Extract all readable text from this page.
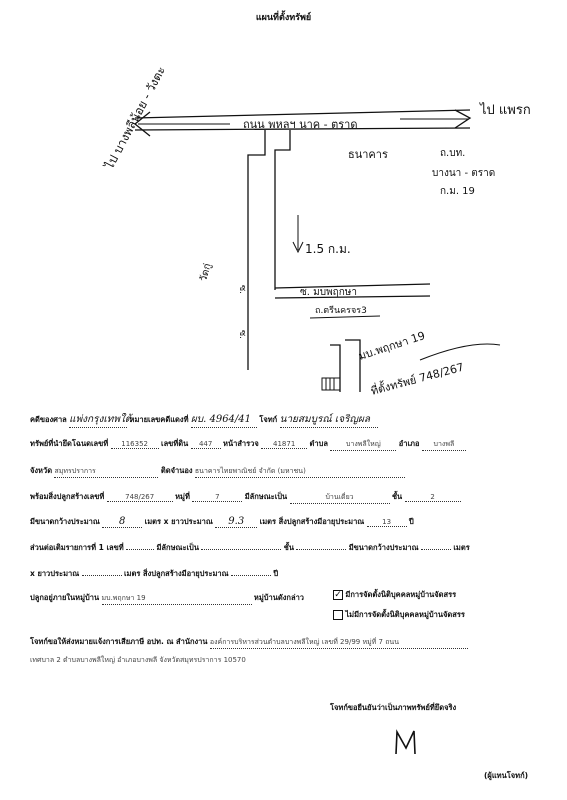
แผนที่ตั้งทรัพย์
ไป บางพลีน้อย - วังตะ	ถนน พหลฯ นาค - ตราด
ไป แพรก
ธนาคาร	ถ.บท.
บางนา - ตราด
ก.ม. 19
1.5 ก.ม.
วัดกู่
ซ.
ซ.
ซ. มบพฤกษา
ถ.ตรีนครจร3
มบ.พฤกษา 19
ที่ตั้งทรัพย์ 748/267
คดีของศาล แพ่งกรุงเทพใต้ หมายเลขคดีแดงที่ ผบ. 4964/41 โจทก์ นายสมบูรณ์ เจริญผล
ทรัพย์ที่นำยึดโฉนดเลขที่ 116352 เลขที่ดิน 447 หน้าสำรวจ 41871 ตำบล	บางพลีใหญ่ อำเภอ บางพลี
จังหวัด สมุทรปราการ	ติดจำนอง ธนาคารไทยพาณิชย์ จำกัด (มหาชน)
พร้อมสิ่งปลูกสร้างเลขที่	748/267	หมู่ที่	7	มีลักษณะเป็น	บ้านเดี่ยว	ชั้น	2
มีขนาดกว้างประมาณ 8	เมตร x ยาวประมาณ 9.3 เมตร สิ่งปลูกสร้างมีอายุประมาณ	13 ปี
ส่วนต่อเติมรายการที่ 1 เลขที่	มีลักษณะเป็น	ชั้น	มีขนาดกว้างประมาณ	เมตร
x ยาวประมาณ	เมตร สิ่งปลูกสร้างมีอายุประมาณ	ปี
ปลูกอยู่ภายในหมู่บ้าน มบ.พฤกษา 19	หมู่บ้านดังกล่าว	✓ มีการจัดตั้งนิติบุคคลหมู่บ้านจัดสรร
ไม่มีการจัดตั้งนิติบุคคลหมู่บ้านจัดสรร
โจทก์ขอให้ส่งหมายแจ้งการเสียภาษี อปท. ณ สำนักงาน องค์การบริหารส่วนตำบลบางพลีใหญ่ เลขที่ 29/99 หมู่ที่ 7 ถนน
เทศบาล 2 ตำบลบางพลีใหญ่ อำเภอบางพลี จังหวัดสมุทรปราการ 10570
โจทก์ขอยืนยันว่าเป็นภาพทรัพย์ที่ยึดจริง
(ผู้แทนโจทก์)
